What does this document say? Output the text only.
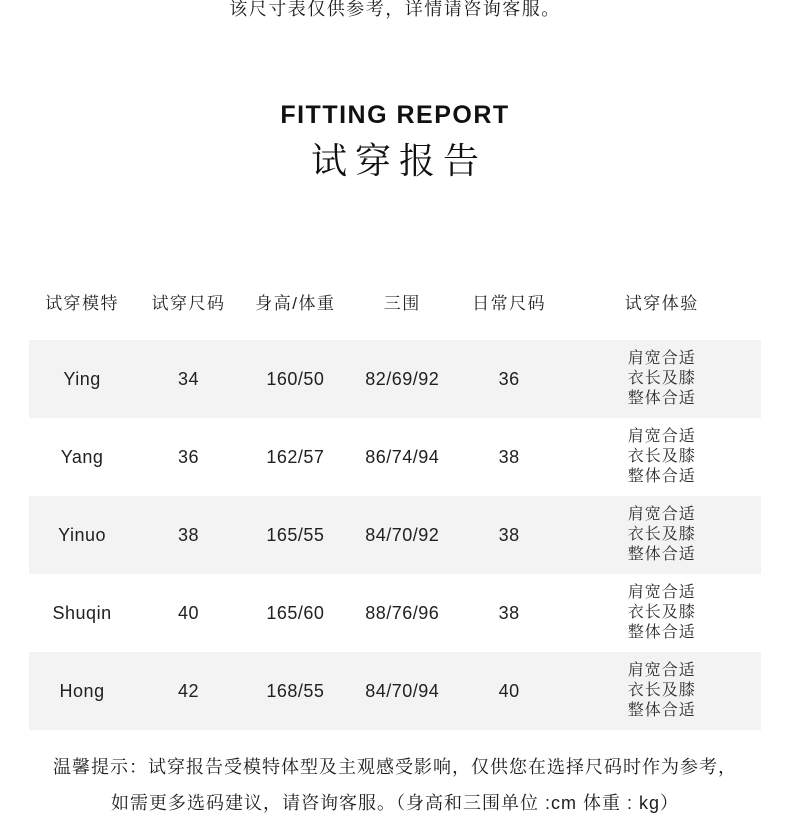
该尺寸表仅供参考，详情请咨询客服。

FITTING REPORT
试穿报告
试穿模特	试穿尺码	身高/体重	三围	日常尺码	试穿体验
Ying	34	160/50	82/69/92	36
肩宽合适
衣长及膝
整体合适
Yang	36	162/57	86/74/94	38
肩宽合适
衣长及膝
整体合适
Yinuo	38	165/55	84/70/92	38
肩宽合适
衣长及膝
整体合适
Shuqin	40	165/60	88/76/96	38
肩宽合适
衣长及膝
整体合适
Hong	42	168/55	84/70/94	40
肩宽合适
衣长及膝
整体合适

温馨提示：试穿报告受模特体型及主观感受影响，仅供您在选择尺码时作为参考，

如需更多选码建议，请咨询客服。（身高和三围单位 :cm 体重 : kg）
